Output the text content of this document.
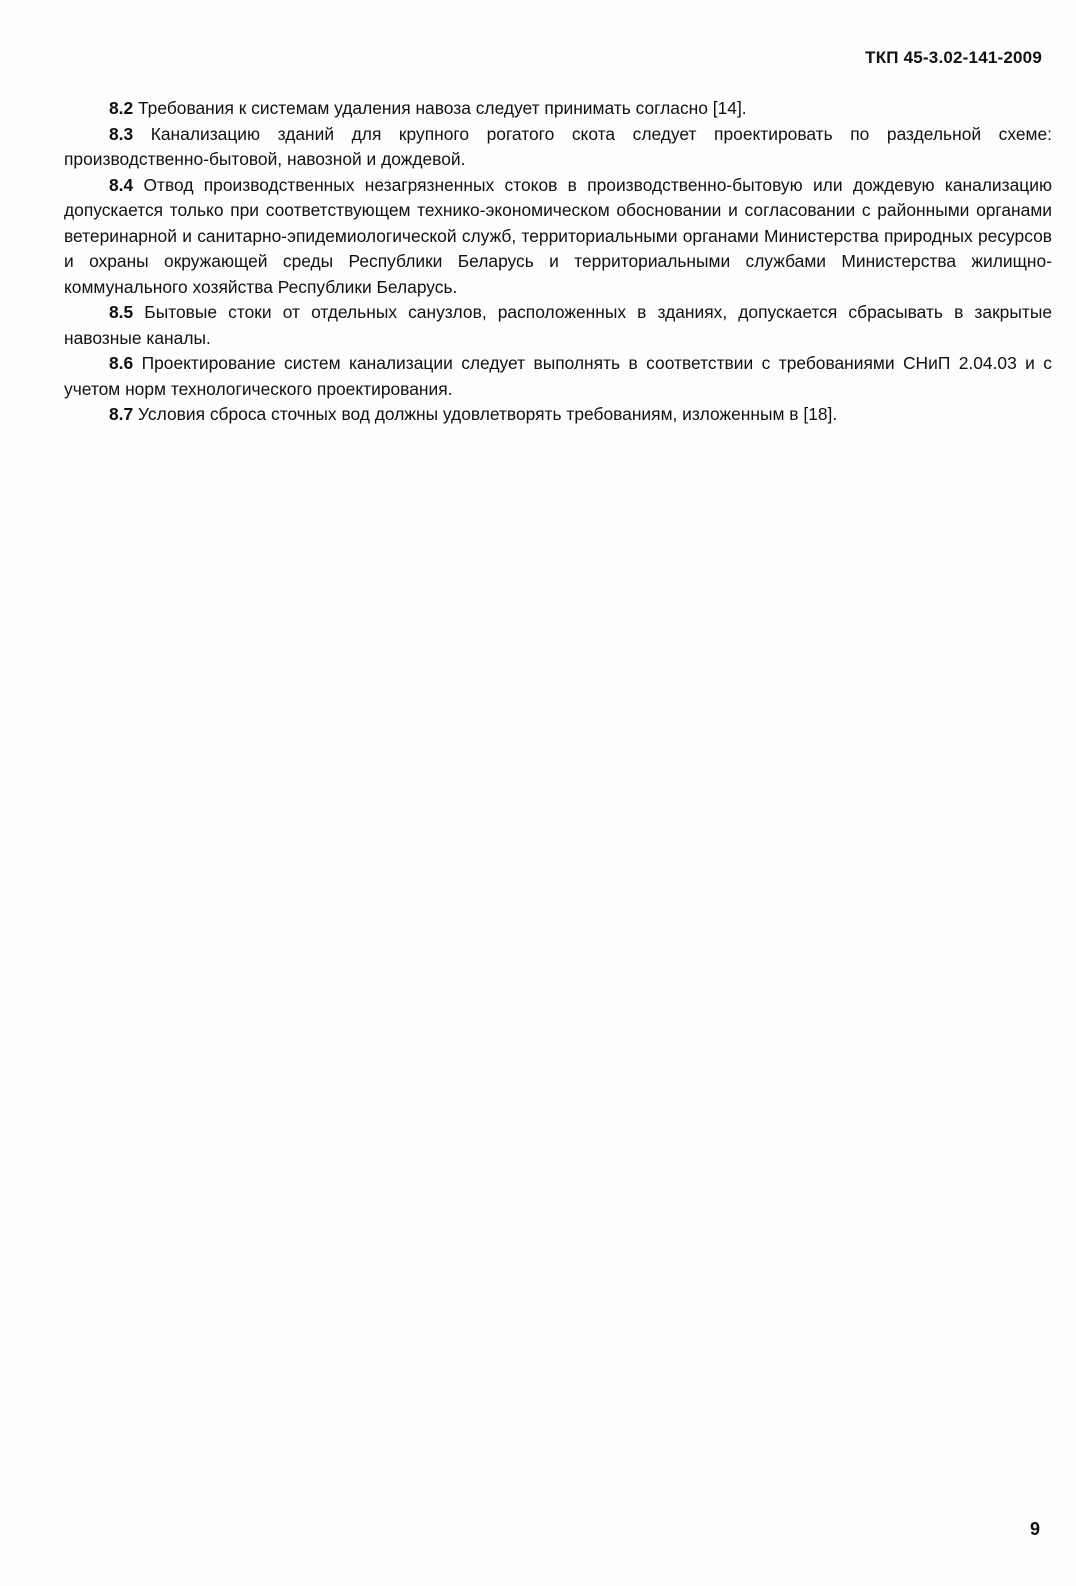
ТКП 45-3.02-141-2009

8.2 Требования к системам удаления навоза следует принимать согласно [14].

8.3 Канализацию зданий для крупного рогатого скота следует проектировать по раздельной схеме: производственно-бытовой, навозной и дождевой.

8.4 Отвод производственных незагрязненных стоков в производственно-бытовую или дождевую канализацию допускается только при соответствующем технико-экономическом обосновании и согласовании с районными органами ветеринарной и санитарно-эпидемиологической служб, территориальными органами Министерства природных ресурсов и охраны окружающей среды Республики Беларусь и территориальными службами Министерства жилищно-коммунального хозяйства Республики Беларусь.

8.5 Бытовые стоки от отдельных санузлов, расположенных в зданиях, допускается сбрасывать в закрытые навозные каналы.

8.6 Проектирование систем канализации следует выполнять в соответствии с требованиями СНиП 2.04.03 и с учетом норм технологического проектирования.

8.7 Условия сброса сточных вод должны удовлетворять требованиям, изложенным в [18].

9
